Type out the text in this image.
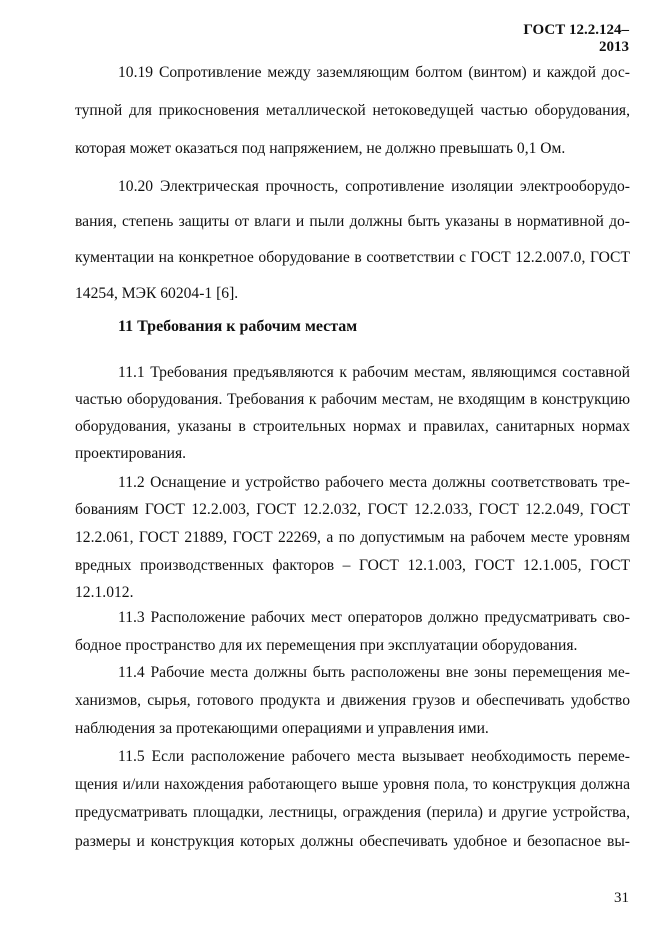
ГОСТ 12.2.124–
2013
10.19 Сопротивление между заземляющим болтом (винтом) и каждой дос-
тупной для прикосновения металлической нетоковедущей частью оборудования,
которая может оказаться под напряжением, не должно превышать 0,1 Ом.
10.20 Электрическая прочность, сопротивление изоляции электрооборудо-
вания, степень защиты от влаги и пыли должны быть указаны в нормативной до-
кументации на конкретное оборудование в соответствии с ГОСТ 12.2.007.0, ГОСТ
14254, МЭК 60204-1 [6].
11 Требования к рабочим местам
11.1 Требования предъявляются к рабочим местам, являющимся составной
частью оборудования. Требования к рабочим местам, не входящим в конструкцию
оборудования, указаны в строительных нормах и правилах, санитарных нормах
проектирования.
11.2 Оснащение и устройство рабочего места должны соответствовать тре-
бованиям ГОСТ 12.2.003, ГОСТ 12.2.032, ГОСТ 12.2.033, ГОСТ 12.2.049, ГОСТ
12.2.061, ГОСТ 21889, ГОСТ 22269, а по допустимым на рабочем месте уровням
вредных производственных факторов – ГОСТ 12.1.003, ГОСТ 12.1.005, ГОСТ
12.1.012.
11.3 Расположение рабочих мест операторов должно предусматривать сво-
бодное пространство для их перемещения при эксплуатации оборудования.
11.4 Рабочие места должны быть расположены вне зоны перемещения ме-
ханизмов, сырья, готового продукта и движения грузов и обеспечивать удобство
наблюдения за протекающими операциями и управления ими.
11.5 Если расположение рабочего места вызывает необходимость переме-
щения и/или нахождения работающего выше уровня пола, то конструкция должна
предусматривать площадки, лестницы, ограждения (перила) и другие устройства,
размеры и конструкция которых должны обеспечивать удобное и безопасное вы-
31
